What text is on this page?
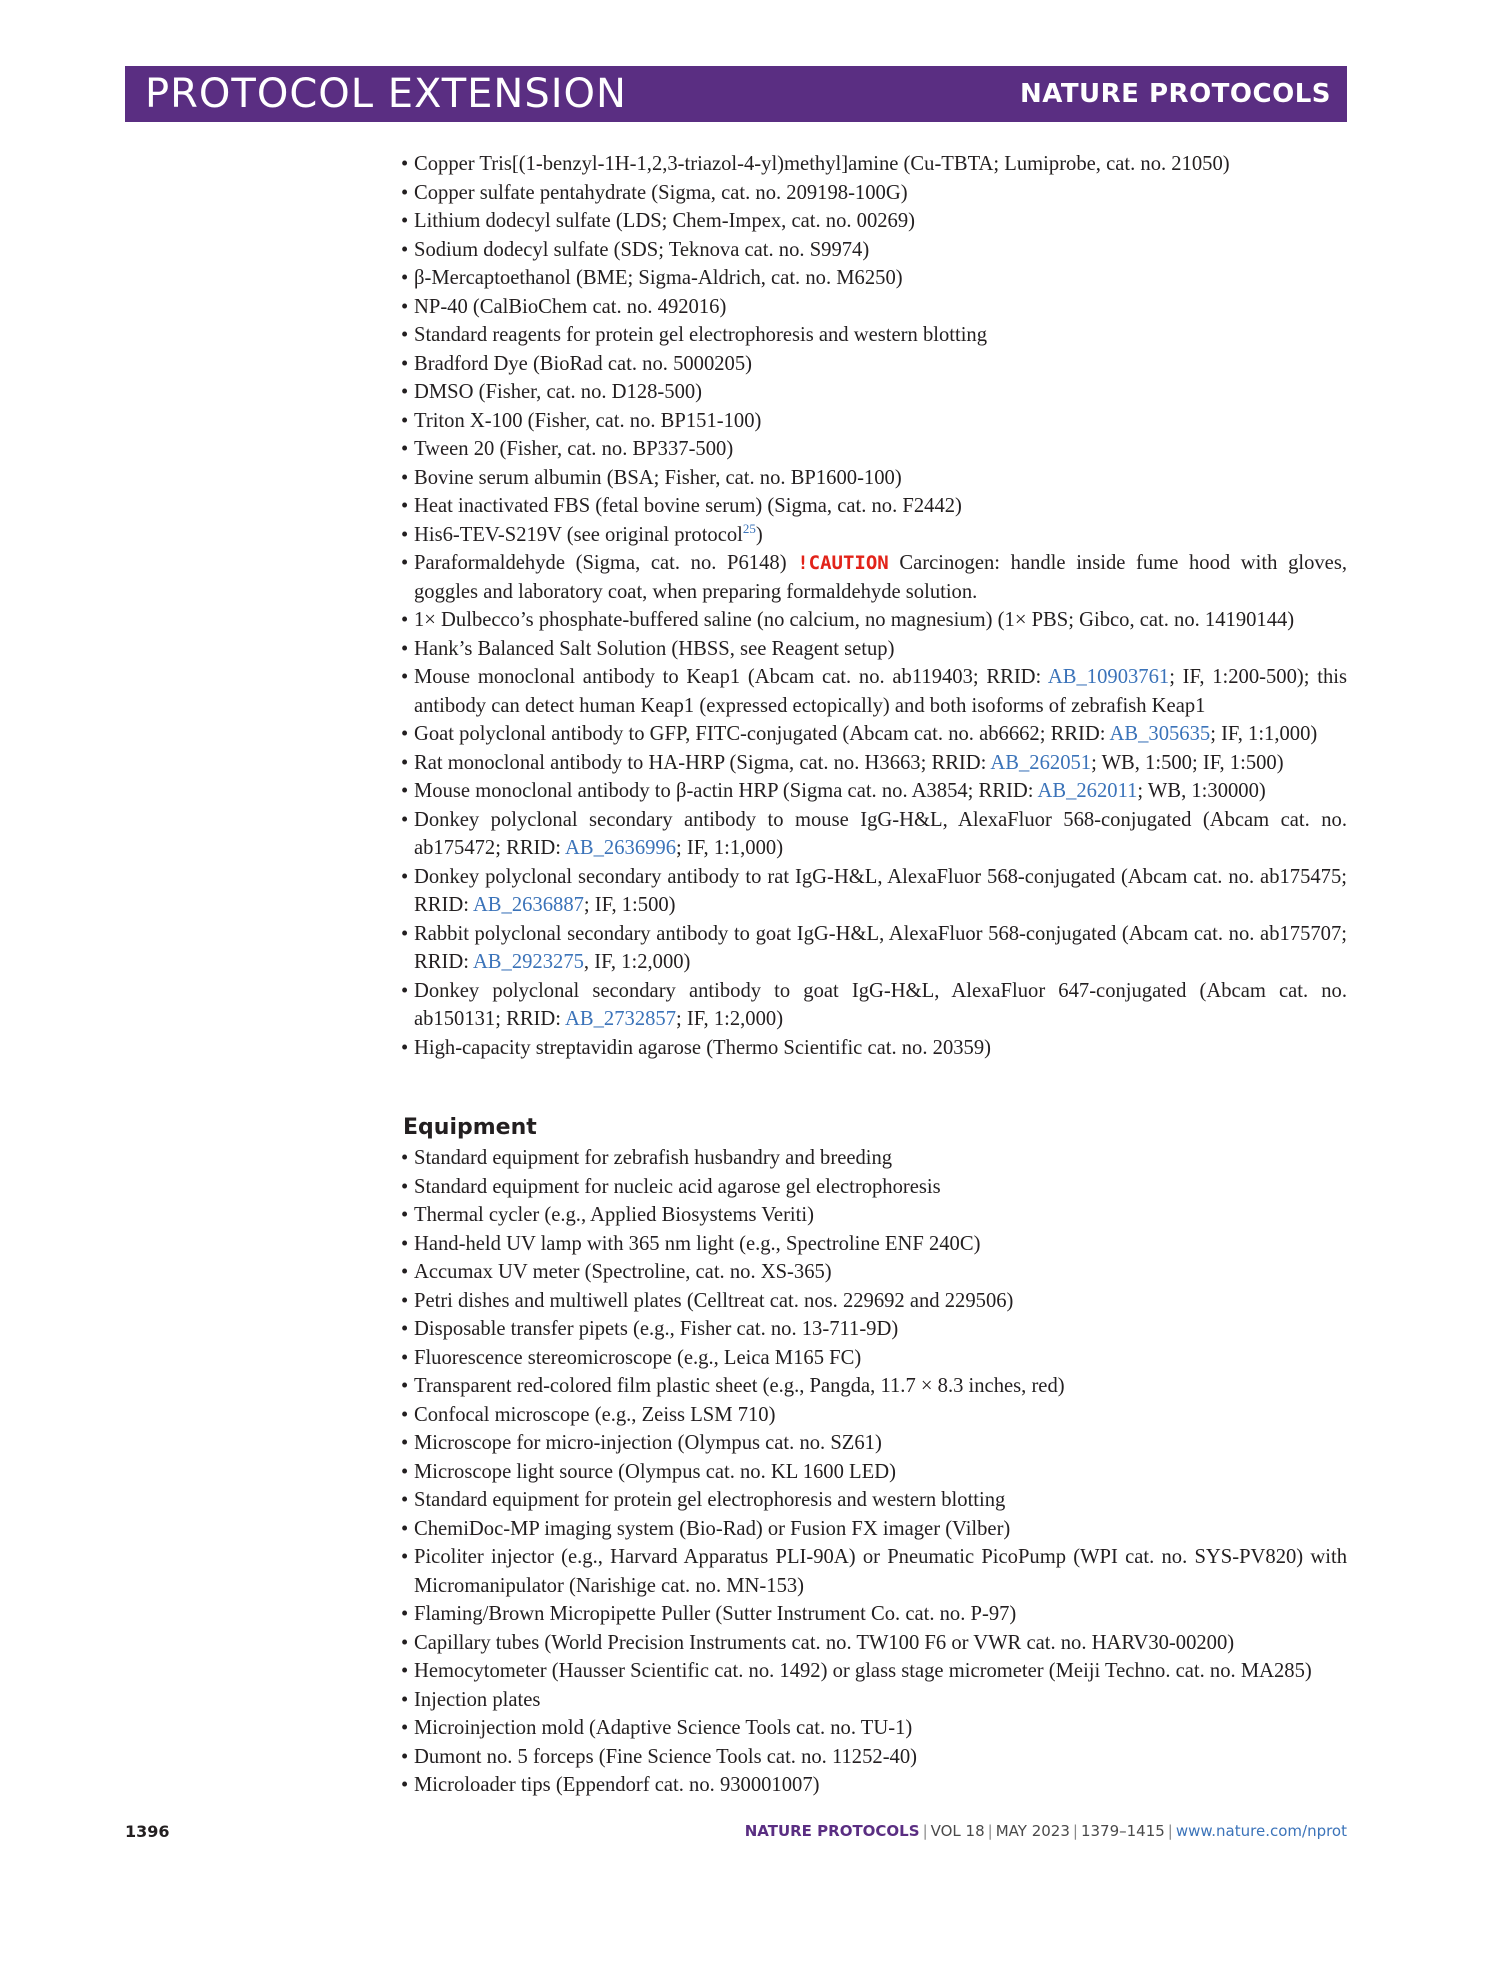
PROTOCOL EXTENSION	NATURE PROTOCOLS
• Copper Tris[(1-benzyl-1H-1,2,3-triazol-4-yl)methyl]amine (Cu-TBTA; Lumiprobe, cat. no. 21050)
• Copper sulfate pentahydrate (Sigma, cat. no. 209198-100G)
• Lithium dodecyl sulfate (LDS; Chem-Impex, cat. no. 00269)
• Sodium dodecyl sulfate (SDS; Teknova cat. no. S9974)
• β-Mercaptoethanol (BME; Sigma-Aldrich, cat. no. M6250)
• NP-40 (CalBioChem cat. no. 492016)
• Standard reagents for protein gel electrophoresis and western blotting
• Bradford Dye (BioRad cat. no. 5000205)
• DMSO (Fisher, cat. no. D128-500)
• Triton X-100 (Fisher, cat. no. BP151-100)
• Tween 20 (Fisher, cat. no. BP337-500)
• Bovine serum albumin (BSA; Fisher, cat. no. BP1600-100)
• Heat inactivated FBS (fetal bovine serum) (Sigma, cat. no. F2442)
• His6-TEV-S219V (see original protocol$^{25}$)
• Paraformaldehyde (Sigma, cat. no. P6148) !CAUTION Carcinogen: handle inside fume hood with gloves, goggles and laboratory coat, when preparing formaldehyde solution.
• 1× Dulbecco’s phosphate-buffered saline (no calcium, no magnesium) (1× PBS; Gibco, cat. no. 14190144)
• Hank’s Balanced Salt Solution (HBSS, see Reagent setup)
• Mouse monoclonal antibody to Keap1 (Abcam cat. no. ab119403; RRID: AB_10903761; IF, 1:200-500); this antibody can detect human Keap1 (expressed ectopically) and both isoforms of zebrafish Keap1
• Goat polyclonal antibody to GFP, FITC-conjugated (Abcam cat. no. ab6662; RRID: AB_305635; IF, 1:1,000)
• Rat monoclonal antibody to HA-HRP (Sigma, cat. no. H3663; RRID: AB_262051; WB, 1:500; IF, 1:500)
• Mouse monoclonal antibody to β-actin HRP (Sigma cat. no. A3854; RRID: AB_262011; WB, 1:30000)
• Donkey polyclonal secondary antibody to mouse IgG-H&L, AlexaFluor 568-conjugated (Abcam cat. no. ab175472; RRID: AB_2636996; IF, 1:1,000)
• Donkey polyclonal secondary antibody to rat IgG-H&L, AlexaFluor 568-conjugated (Abcam cat. no. ab175475; RRID: AB_2636887; IF, 1:500)
• Rabbit polyclonal secondary antibody to goat IgG-H&L, AlexaFluor 568-conjugated (Abcam cat. no. ab175707; RRID: AB_2923275, IF, 1:2,000)
• Donkey polyclonal secondary antibody to goat IgG-H&L, AlexaFluor 647-conjugated (Abcam cat. no. ab150131; RRID: AB_2732857; IF, 1:2,000)
• High-capacity streptavidin agarose (Thermo Scientific cat. no. 20359)
Equipment
• Standard equipment for zebrafish husbandry and breeding
• Standard equipment for nucleic acid agarose gel electrophoresis
• Thermal cycler (e.g., Applied Biosystems Veriti)
• Hand-held UV lamp with 365 nm light (e.g., Spectroline ENF 240C)
• Accumax UV meter (Spectroline, cat. no. XS-365)
• Petri dishes and multiwell plates (Celltreat cat. nos. 229692 and 229506)
• Disposable transfer pipets (e.g., Fisher cat. no. 13-711-9D)
• Fluorescence stereomicroscope (e.g., Leica M165 FC)
• Transparent red-colored film plastic sheet (e.g., Pangda, 11.7 × 8.3 inches, red)
• Confocal microscope (e.g., Zeiss LSM 710)
• Microscope for micro-injection (Olympus cat. no. SZ61)
• Microscope light source (Olympus cat. no. KL 1600 LED)
• Standard equipment for protein gel electrophoresis and western blotting
• ChemiDoc-MP imaging system (Bio-Rad) or Fusion FX imager (Vilber)
• Picoliter injector (e.g., Harvard Apparatus PLI-90A) or Pneumatic PicoPump (WPI cat. no. SYS-PV820) with Micromanipulator (Narishige cat. no. MN-153)
• Flaming/Brown Micropipette Puller (Sutter Instrument Co. cat. no. P-97)
• Capillary tubes (World Precision Instruments cat. no. TW100 F6 or VWR cat. no. HARV30-00200)
• Hemocytometer (Hausser Scientific cat. no. 1492) or glass stage micrometer (Meiji Techno. cat. no. MA285)
• Injection plates
• Microinjection mold (Adaptive Science Tools cat. no. TU-1)
• Dumont no. 5 forceps (Fine Science Tools cat. no. 11252-40)
• Microloader tips (Eppendorf cat. no. 930001007)
1396	NATURE PROTOCOLS | VOL 18 | MAY 2023 | 1379–1415 | www.nature.com/nprot
